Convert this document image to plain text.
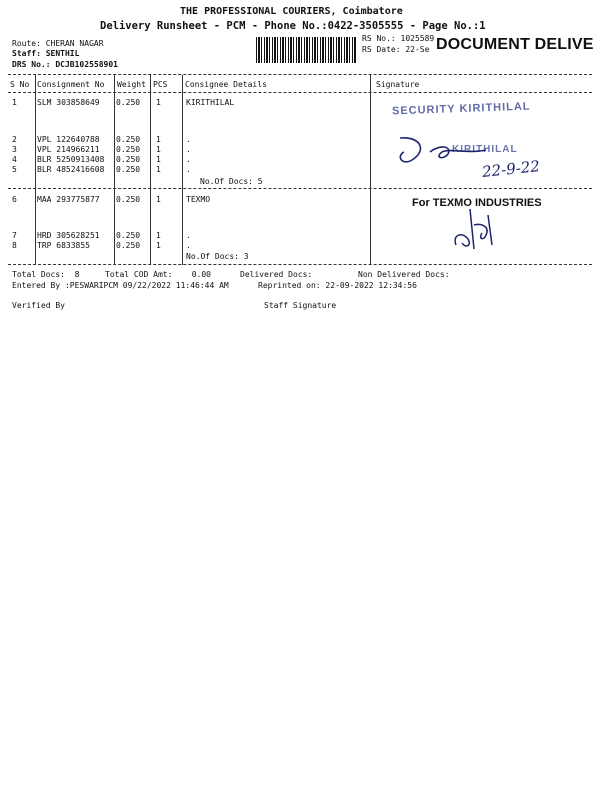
THE PROFESSIONAL COURIERS, Coimbatore
Delivery Runsheet - PCM - Phone No.:0422-3505555 - Page No.:1
Route: CHERAN NAGAR
Staff: SENTHIL
DRS No.: DCJB102558901
RS No.: 1025589
RS Date: 22-Se DOCUMENT DELIVE
S No Consignment No Weight PCS Consignee Details	Signature
1	SLM 303858649 0.250 1	KIRITHILAL
2	VPL 122640788 0.250 1	.
3	VPL 214966211 0.250 1	.
4	BLR 5250913408 0.250 1	.
5	BLR 4852416608 0.250 1	.
No.Of Docs: 5
6	MAA 293775877 0.250 1	TEXMO
7	HRD 305628251 0.250 1	.
8	TRP 6833855	0.250 1	.
No.Of Docs: 3
SECURITY KIRITHILAL
KIRITHILAL
22-9-22
For TEXMO INDUSTRIES
Total Docs:  8	Total COD Amt:    0.00	Delivered Docs:	Non Delivered Docs:
Entered By :PESWARIPCM 09/22/2022 11:46:44 AM	Reprinted on: 22-09-2022 12:34:56
Verified By	Staff Signature
